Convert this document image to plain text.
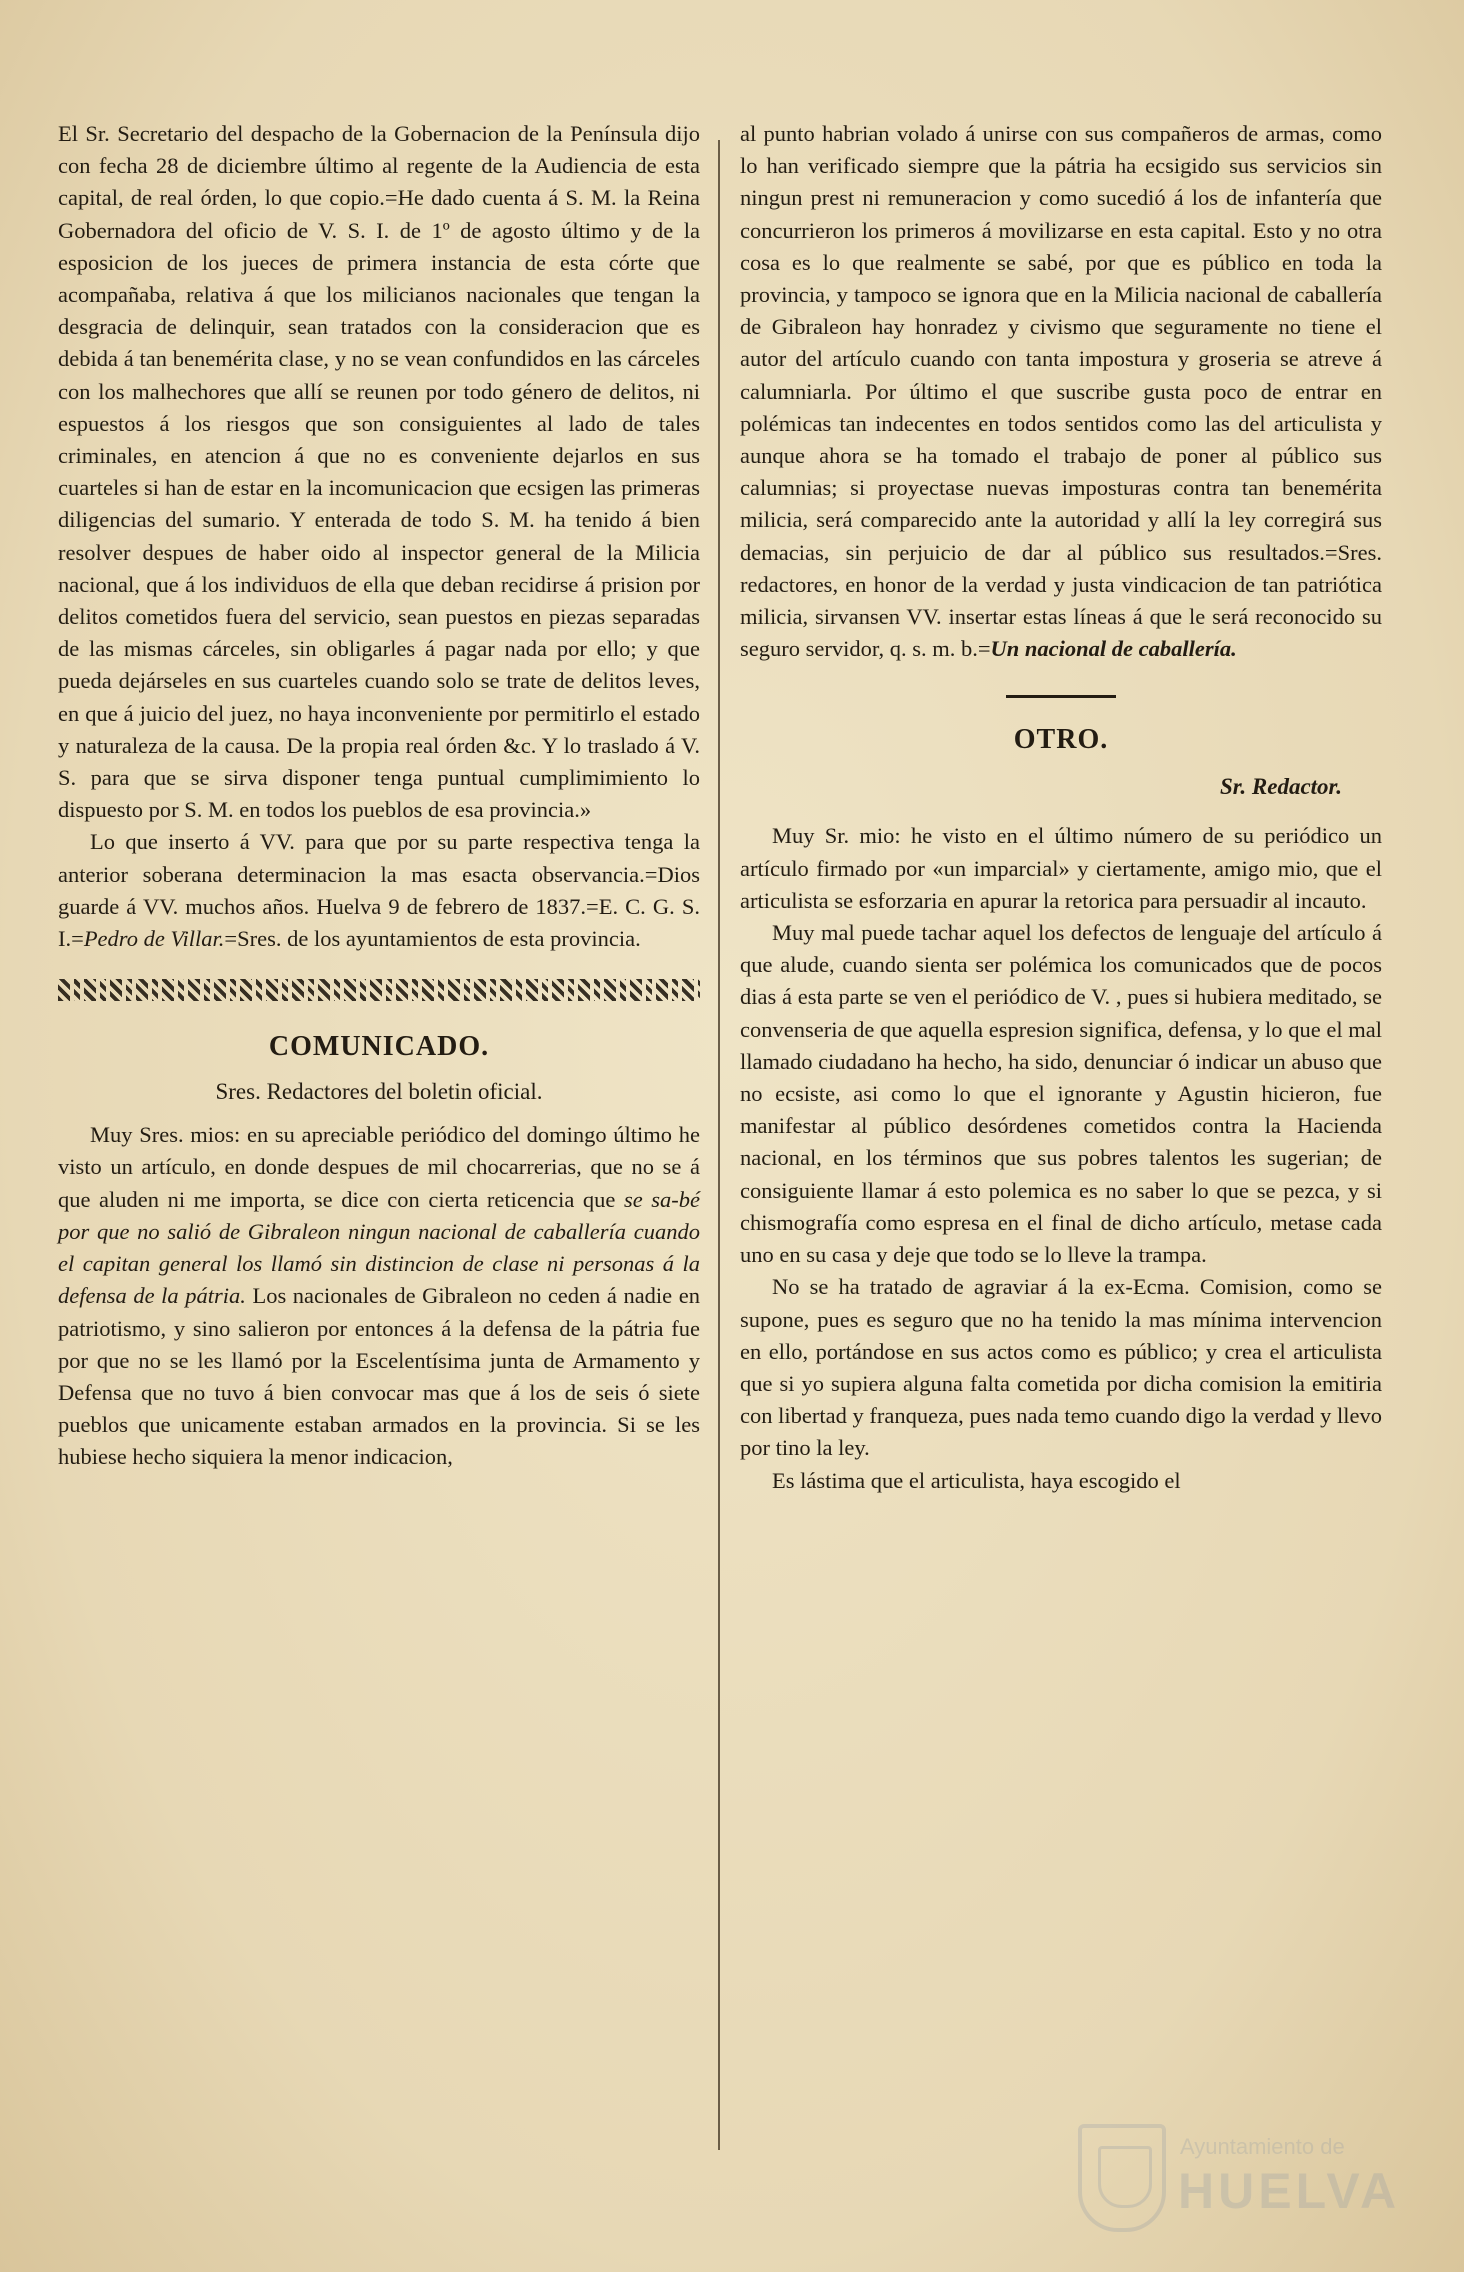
El Sr. Secretario del despacho de la Gobernacion de la Península dijo con fecha 28 de diciembre último al regente de la Audiencia de esta capital, de real órden, lo que copio.=He dado cuenta á S. M. la Reina Gobernadora del oficio de V. S. I. de 1º de agosto último y de la esposicion de los jueces de primera instancia de esta córte que acompañaba, relativa á que los milicianos nacionales que tengan la desgracia de delinquir, sean tratados con la consideracion que es debida á tan benemérita clase, y no se vean confundidos en las cárceles con los malhechores que allí se reunen por todo género de delitos, ni espuestos á los riesgos que son consiguientes al lado de tales criminales, en atencion á que no es conveniente dejarlos en sus cuarteles si han de estar en la incomunicacion que ecsigen las primeras diligencias del sumario. Y enterada de todo S. M. ha tenido á bien resolver despues de haber oido al inspector general de la Milicia nacional, que á los individuos de ella que deban recidirse á prision por delitos cometidos fuera del servicio, sean puestos en piezas separadas de las mismas cárceles, sin obligarles á pagar nada por ello; y que pueda dejárseles en sus cuarteles cuando solo se trate de delitos leves, en que á juicio del juez, no haya inconveniente por permitirlo el estado y naturaleza de la causa. De la propia real órden &c. Y lo traslado á V. S. para que se sirva disponer tenga puntual cumplimimiento lo dispuesto por S. M. en todos los pueblos de esa provincia.»

Lo que inserto á VV. para que por su parte respectiva tenga la anterior soberana determinacion la mas esacta observancia.=Dios guarde á VV. muchos años. Huelva 9 de febrero de 1837.=E. C. G. S. I.=Pedro de Villar.=Sres. de los ayuntamientos de esta provincia.

COMUNICADO.
Sres. Redactores del boletin oficial.

Muy Sres. mios: en su apreciable periódico del domingo último he visto un artículo, en donde despues de mil chocarrerias, que no se á que aluden ni me importa, se dice con cierta reticencia que se sa-bé por que no salió de Gibraleon ningun nacional de caballería cuando el capitan general los llamó sin distincion de clase ni personas á la defensa de la pátria. Los nacionales de Gibraleon no ceden á nadie en patriotismo, y sino salieron por entonces á la defensa de la pátria fue por que no se les llamó por la Escelentísima junta de Armamento y Defensa que no tuvo á bien convocar mas que á los de seis ó siete pueblos que unicamente estaban armados en la provincia. Si se les hubiese hecho siquiera la menor indicacion,

al punto habrian volado á unirse con sus compañeros de armas, como lo han verificado siempre que la pátria ha ecsigido sus servicios sin ningun prest ni remuneracion y como sucedió á los de infantería que concurrieron los primeros á movilizarse en esta capital. Esto y no otra cosa es lo que realmente se sabé, por que es público en toda la provincia, y tampoco se ignora que en la Milicia nacional de caballería de Gibraleon hay honradez y civismo que seguramente no tiene el autor del artículo cuando con tanta impostura y groseria se atreve á calumniarla. Por último el que suscribe gusta poco de entrar en polémicas tan indecentes en todos sentidos como las del articulista y aunque ahora se ha tomado el trabajo de poner al público sus calumnias; si proyectase nuevas imposturas contra tan benemérita milicia, será comparecido ante la autoridad y allí la ley corregirá sus demacias, sin perjuicio de dar al público sus resultados.=Sres. redactores, en honor de la verdad y justa vindicacion de tan patriótica milicia, sirvansen VV. insertar estas líneas á que le será reconocido su seguro servidor, q. s. m. b.=Un nacional de caballería.

OTRO.
Sr. Redactor.

Muy Sr. mio: he visto en el último número de su periódico un artículo firmado por «un imparcial» y ciertamente, amigo mio, que el articulista se esforzaria en apurar la retorica para persuadir al incauto.

Muy mal puede tachar aquel los defectos de lenguaje del artículo á que alude, cuando sienta ser polémica los comunicados que de pocos dias á esta parte se ven el periódico de V. , pues si hubiera meditado, se convenseria de que aquella espresion significa, defensa, y lo que el mal llamado ciudadano ha hecho, ha sido, denunciar ó indicar un abuso que no ecsiste, asi como lo que el ignorante y Agustin hicieron, fue manifestar al público desórdenes cometidos contra la Hacienda nacional, en los términos que sus pobres talentos les sugerian; de consiguiente llamar á esto polemica es no saber lo que se pezca, y si chismografía como espresa en el final de dicho artículo, metase cada uno en su casa y deje que todo se lo lleve la trampa.

No se ha tratado de agraviar á la ex-Ecma. Comision, como se supone, pues es seguro que no ha tenido la mas mínima intervencion en ello, portándose en sus actos como es público; y crea el articulista que si yo supiera alguna falta cometida por dicha comision la emitiria con libertad y franqueza, pues nada temo cuando digo la verdad y llevo por tino la ley.

Es lástima que el articulista, haya escogido el

Ayuntamiento de
HUELVA
